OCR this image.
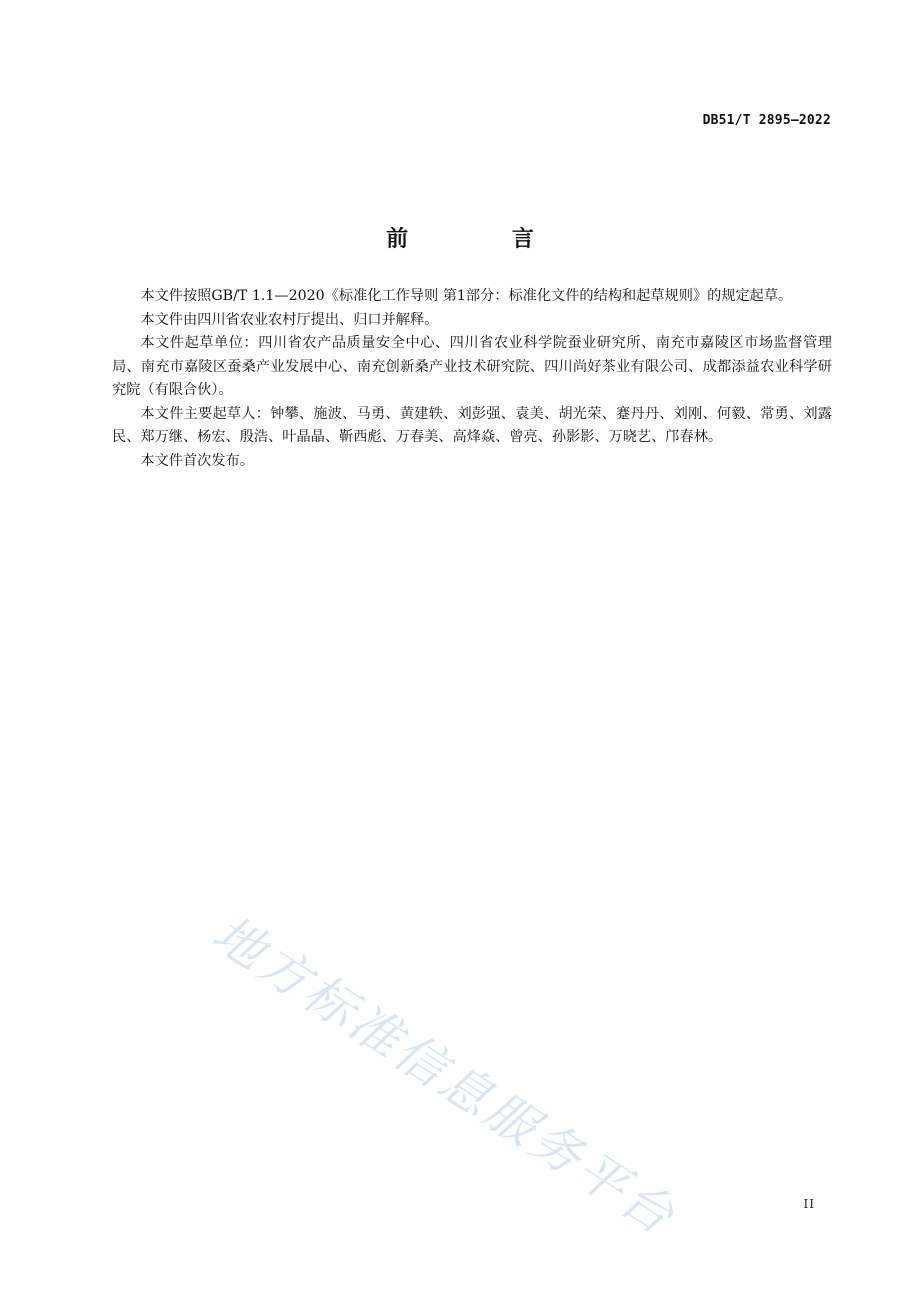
DB51/T 2895—2022
前 言

本文件按照GB/T 1.1—2020《标准化工作导则 第1部分：标准化文件的结构和起草规则》的规定起草。

本文件由四川省农业农村厅提出、归口并解释。

本文件起草单位：四川省农产品质量安全中心、四川省农业科学院蚕业研究所、南充市嘉陵区市场监督管理局、南充市嘉陵区蚕桑产业发展中心、南充创新桑产业技术研究院、四川尚好茶业有限公司、成都添益农业科学研究院（有限合伙）。

本文件主要起草人：钟攀、施波、马勇、黄建轶、刘彭强、袁美、胡光荣、蹇丹丹、刘刚、何毅、常勇、刘露民、郑万继、杨宏、殷浩、叶晶晶、靳西彪、万春美、高烽焱、曾亮、孙影影、万晓艺、邝春林。

本文件首次发布。

地方标准信息服务平台	II
